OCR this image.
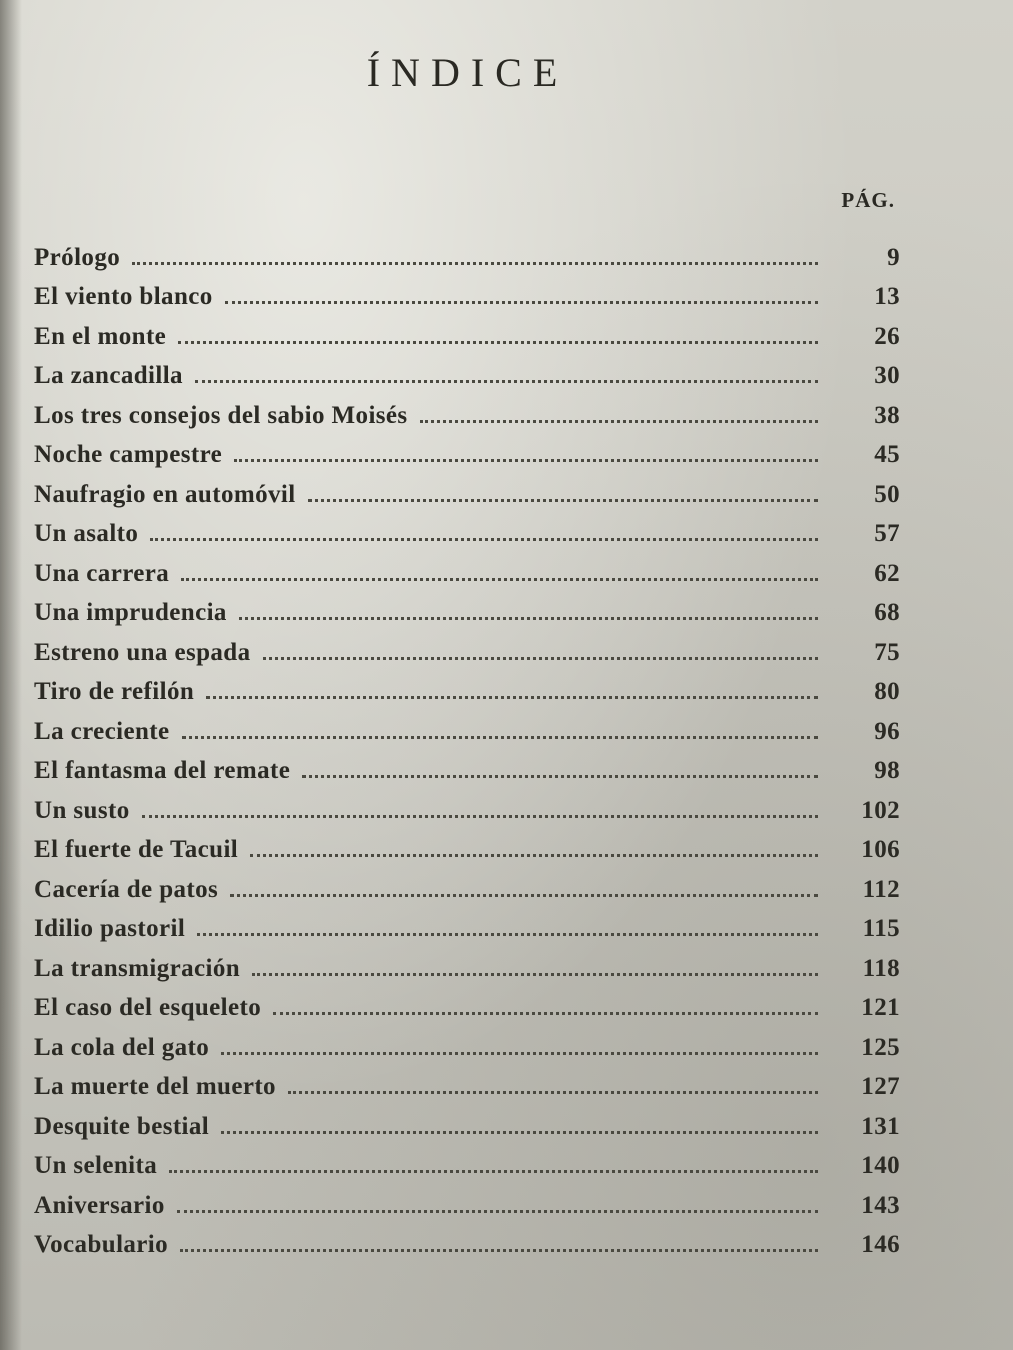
ÍNDICE
PÁG.
Prólogo	9
El viento blanco	13
En el monte	26
La zancadilla	30
Los tres consejos del sabio Moisés	38
Noche campestre	45
Naufragio en automóvil	50
Un asalto	57
Una carrera	62
Una imprudencia	68
Estreno una espada	75
Tiro de refilón	80
La creciente	96
El fantasma del remate	98
Un susto	102
El fuerte de Tacuil	106
Cacería de patos	112
Idilio pastoril	115
La transmigración	118
El caso del esqueleto	121
La cola del gato	125
La muerte del muerto	127
Desquite bestial	131
Un selenita	140
Aniversario	143
Vocabulario	146
